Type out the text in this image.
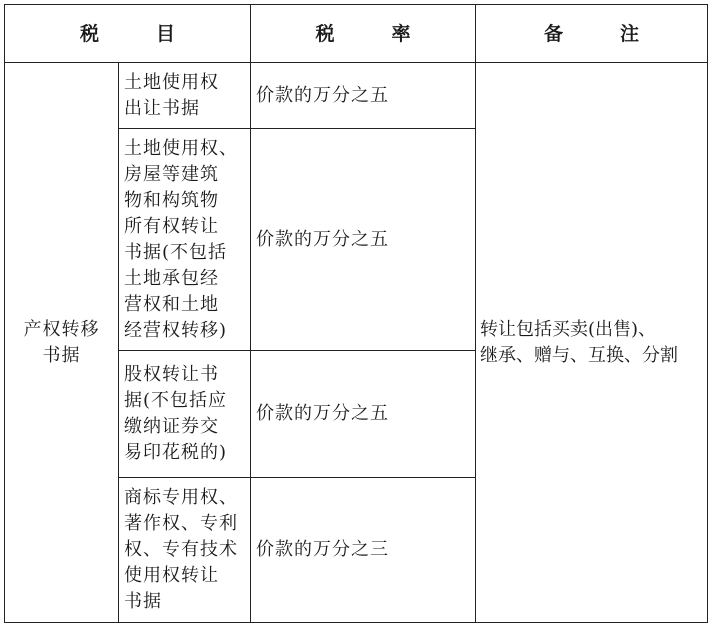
税　　　目	税　　　率	备　　　注
产权转移
书据
土地使用权
出让书据
价款的万分之五
土地使用权、
房屋等建筑
物和构筑物
所有权转让
书据(不包括
土地承包经
营权和土地
经营权转移)
价款的万分之五
股权转让书
据(不包括应
缴纳证券交
易印花税的)
价款的万分之五
商标专用权、
著作权、专利
权、专有技术
使用权转让
书据
价款的万分之三
转让包括买卖(出售)、
继承、赠与、互换、分割
